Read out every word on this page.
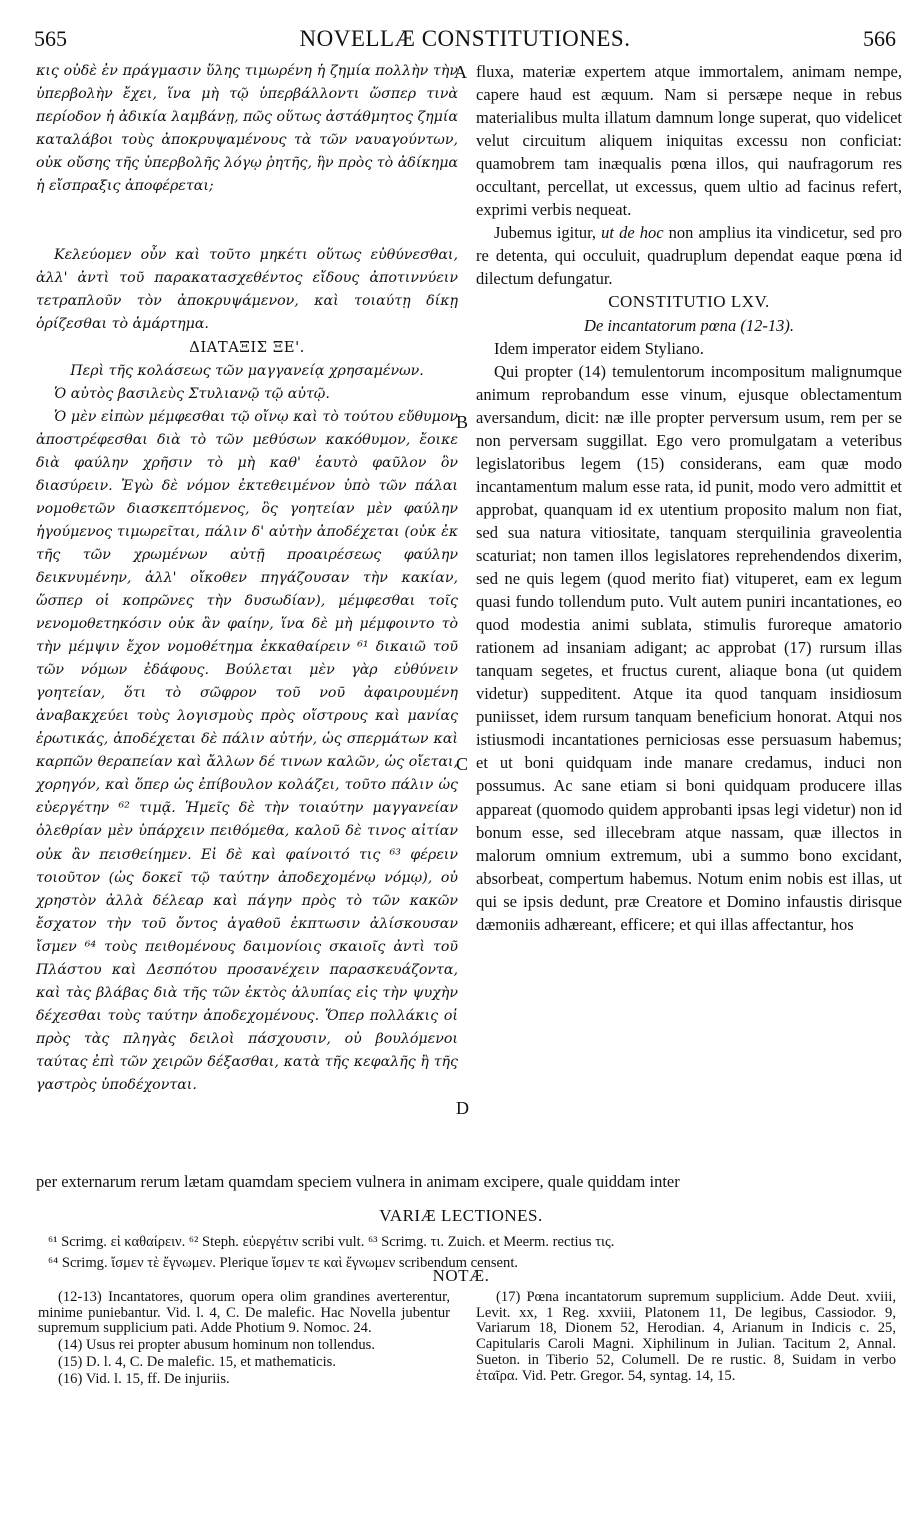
565	NOVELLÆ CONSTITUTIONES.	566

κις οὐδὲ ἐν πράγμασιν ὕλης τιμωρένη ἡ ζημία πολλὴν τὴν ὑπερβολὴν ἔχει, ἵνα μὴ τῷ ὑπερβάλλοντι ὥσπερ τινὰ περίοδον ἡ ἀδικία λαμβάνῃ, πῶς οὕτως ἀστάθμητος ζημία καταλάβοι τοὺς ἀποκρυψαμένους τὰ τῶν ναυαγούντων, οὐκ οὔσης τῆς ὑπερβολῆς λόγῳ ῥητῆς, ἣν πρὸς τὸ ἀδίκημα ἡ εἴσπραξις ἀποφέρεται;

Κελεύομεν οὖν καὶ τοῦτο μηκέτι οὕτως εὐθύνεσθαι, ἀλλ' ἀντὶ τοῦ παρακατασχεθέντος εἴδους ἀποτιννύειν τετραπλοῦν τὸν ἀποκρυψάμενον, καὶ τοιαύτῃ δίκῃ ὁρίζεσθαι τὸ ἁμάρτημα.

ΔΙΑΤΑΞΙΣ ΞΕ'.

Περὶ τῆς κολάσεως τῶν μαγγανείᾳ χρησαμένων.

Ὁ αὐτὸς βασιλεὺς Στυλιανῷ τῷ αὐτῷ.

Ὁ μὲν εἰπὼν μέμφεσθαι τῷ οἴνῳ καὶ τὸ τούτου εὔθυμον ἀποστρέφεσθαι διὰ τὸ τῶν μεθύσων κακόθυμον, ἔοικε διὰ φαύλην χρῆσιν τὸ μὴ καθ' ἑαυτὸ φαῦλον ὂν διασύρειν. Ἐγὼ δὲ νόμον ἐκτεθειμένον ὑπὸ τῶν πάλαι νομοθετῶν διασκεπτόμενος, ὃς γοητείαν μὲν φαύλην ἡγούμενος τιμωρεῖται, πάλιν δ' αὐτὴν ἀποδέχεται (οὐκ ἐκ τῆς τῶν χρωμένων αὐτῇ προαιρέσεως φαύλην δεικνυμένην, ἀλλ' οἴκοθεν πηγάζουσαν τὴν κακίαν, ὥσπερ οἱ κοπρῶνες τὴν δυσωδίαν), μέμφεσθαι τοῖς νενομοθετηκόσιν οὐκ ἂν φαίην, ἵνα δὲ μὴ μέμφοιντο τὸ τὴν μέμψιν ἔχον νομοθέτημα ἐκκαθαίρειν ⁶¹ δικαιῶ τοῦ τῶν νόμων ἐδάφους. Βούλεται μὲν γὰρ εὐθύνειν γοητείαν, ὅτι τὸ σῶφρον τοῦ νοῦ ἀφαιρουμένη ἀναβακχεύει τοὺς λογισμοὺς πρὸς οἴστρους καὶ μανίας ἐρωτικάς, ἀποδέχεται δὲ πάλιν αὐτήν, ὡς σπερμάτων καὶ καρπῶν θεραπείαν καὶ ἄλλων δέ τινων καλῶν, ὡς οἴεται, χορηγόν, καὶ ὅπερ ὡς ἐπίβουλον κολάζει, τοῦτο πάλιν ὡς εὐεργέτην ⁶² τιμᾷ. Ἡμεῖς δὲ τὴν τοιαύτην μαγγανείαν ὀλεθρίαν μὲν ὑπάρχειν πειθόμεθα, καλοῦ δὲ τινος αἰτίαν οὐκ ἂν πεισθείημεν. Εἰ δὲ καὶ φαίνοιτό τις ⁶³ φέρειν τοιοῦτον (ὡς δοκεῖ τῷ ταύτην ἀποδεχομένῳ νόμῳ), οὐ χρηστὸν ἀλλὰ δέλεαρ καὶ πάγην πρὸς τὸ τῶν κακῶν ἔσχατον τὴν τοῦ ὄντος ἀγαθοῦ ἐκπτωσιν ἀλίσκουσαν ἴσμεν ⁶⁴ τοὺς πειθομένους δαιμονίοις σκαιοῖς ἀντὶ τοῦ Πλάστου καὶ Δεσπότου προσανέχειν παρασκευάζοντα, καὶ τὰς βλάβας διὰ τῆς τῶν ἐκτὸς ἀλυπίας εἰς τὴν ψυχὴν δέχεσθαι τοὺς ταύτην ἀποδεχομένους. Ὅπερ πολλάκις οἱ πρὸς τὰς πληγὰς δειλοὶ πάσχουσιν, οὐ βουλόμενοι ταύτας ἐπὶ τῶν χειρῶν δέξασθαι, κατὰ τῆς κεφαλῆς ἢ τῆς γαστρὸς ὑποδέχονται.

fluxa, materiæ expertem atque immortalem, animam nempe, capere haud est æquum. Nam si persæpe neque in rebus materialibus multa illatum damnum longe superat, quo videlicet velut circuitum aliquem iniquitas excessu non conficiat: quamobrem tam inæqualis pœna illos, qui naufragorum res occultant, percellat, ut excessus, quem ultio ad facinus refert, exprimi verbis nequeat.

Jubemus igitur, ut de hoc non amplius ita vindicetur, sed pro re detenta, qui occuluit, quadruplum dependat eaque pœna id dilectum defungatur.

CONSTITUTIO LXV.

De incantatorum pœna (12-13).

Idem imperator eidem Styliano.

Qui propter (14) temulentorum incompositum malignumque animum reprobandum esse vinum, ejusque oblectamentum aversandum, dicit: næ ille propter perversum usum, rem per se non perversam suggillat. Ego vero promulgatam a veteribus legislatoribus legem (15) considerans, eam quæ modo incantamentum malum esse rata, id punit, modo vero admittit et approbat, quanquam id ex utentium proposito malum non fiat, sed sua natura vitiositate, tanquam sterquilinia graveolentia scaturiat; non tamen illos legislatores reprehendendos dixerim, sed ne quis legem (quod merito fiat) vituperet, eam ex legum quasi fundo tollendum puto. Vult autem puniri incantationes, eo quod modestia animi sublata, stimulis furoreque amatorio rationem ad insaniam adigant; ac approbat (17) rursum illas tanquam segetes, et fructus curent, aliaque bona (ut quidem videtur) suppeditent. Atque ita quod tanquam insidiosum puniisset, idem rursum tanquam beneficium honorat. Atqui nos istiusmodi incantationes perniciosas esse persuasum habemus; et ut boni quidquam inde manare credamus, induci non possumus. Ac sane etiam si boni quidquam producere illas appareat (quomodo quidem approbanti ipsas legi videtur) non id bonum esse, sed illecebram atque nassam, quæ illectos in malorum omnium extremum, ubi a summo bono excidant, absorbeat, compertum habemus. Notum enim nobis est illas, ut qui se ipsis dedunt, præ Creatore et Domino infaustis dirisque dæmoniis adhæreant, efficere; et qui illas affectantur, hos

A
B
C
D
per externarum rerum lætam quamdam speciem vulnera in animam excipere, quale quiddam inter
VARIÆ LECTIONES.

⁶¹ Scrimg. εἰ καθαίρειν. ⁶² Steph. εὐεργέτιν scribi vult. ⁶³ Scrimg. τι. Zuich. et Meerm. rectius τις.

⁶⁴ Scrimg. ἴσμεν τὲ ἔγνωμεν. Plerique ἴσμεν τε καὶ ἔγνωμεν scribendum censent.

NOTÆ.

(12-13) Incantatores, quorum opera olim grandines averterentur, minime puniebantur. Vid. l. 4, C. De malefic. Hac Novella jubentur supremum supplicium pati. Adde Photium 9. Nomoc. 24.

(14) Usus rei propter abusum hominum non tollendus.

(15) D. l. 4, C. De malefic. 15, et mathematicis.

(16) Vid. l. 15, ff. De injuriis.

(17) Pœna incantatorum supremum supplicium. Adde Deut. xviii, Levit. xx, 1 Reg. xxviii, Platonem 11, De legibus, Cassiodor. 9, Variarum 18, Dionem 52, Herodian. 4, Arianum in Indicis c. 25, Capitularis Caroli Magni. Xiphilinum in Julian. Tacitum 2, Annal. Sueton. in Tiberio 52, Columell. De re rustic. 8, Suidam in verbo ἑταῖρα. Vid. Petr. Gregor. 54, syntag. 14, 15.
